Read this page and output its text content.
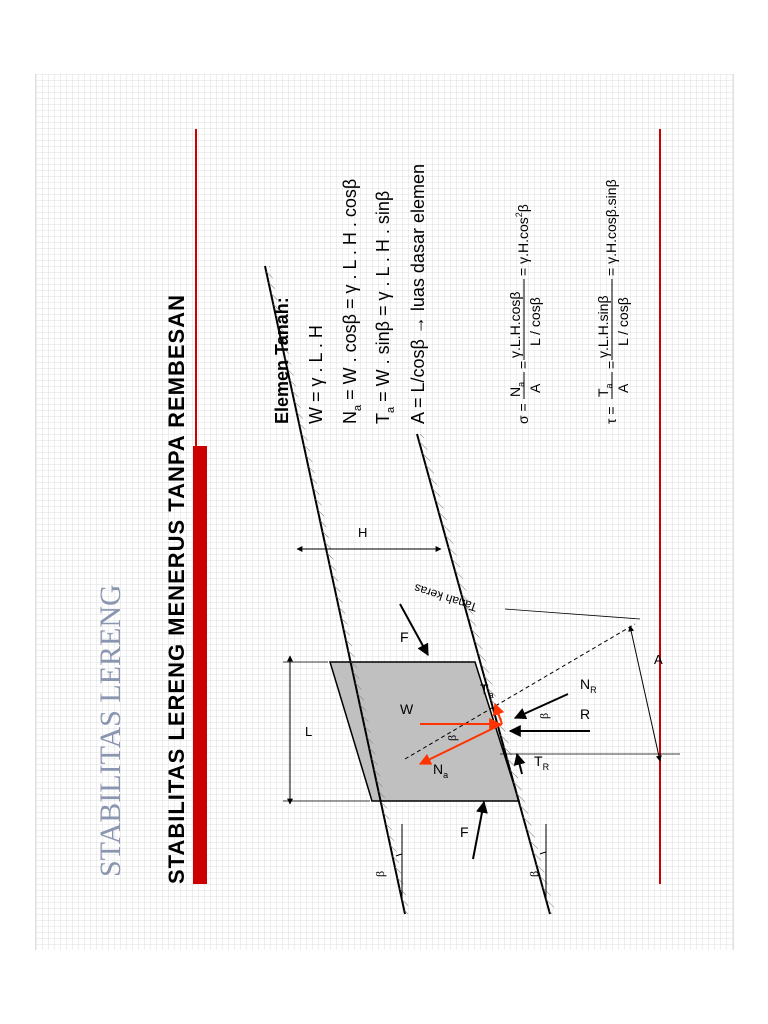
STABILITAS LERENG STABILITAS LERENG MENERUS TANPA REMBESAN	Tanah keras
β	β
L
H
A
W
$N_a$
$T_a$
β
R
$N_R$
$T_R$
β
F
F
Elemen Tanah: W = γ . L . H $N_a = W$ . cosβ = γ . L . H . cosβ
$T_a = W$ . sinβ = γ . L . H . sinβ A = L/cosβ → luas dasar elemen	σ =
$N_a$ A
=
γ.L.H.cosβ L / cosβ
= $\gamma.H.\cos^2\beta$
τ =
$T_a$ A
=
γ.L.H.sinβ L / cosβ
= γ.H.cosβ.sinβ
